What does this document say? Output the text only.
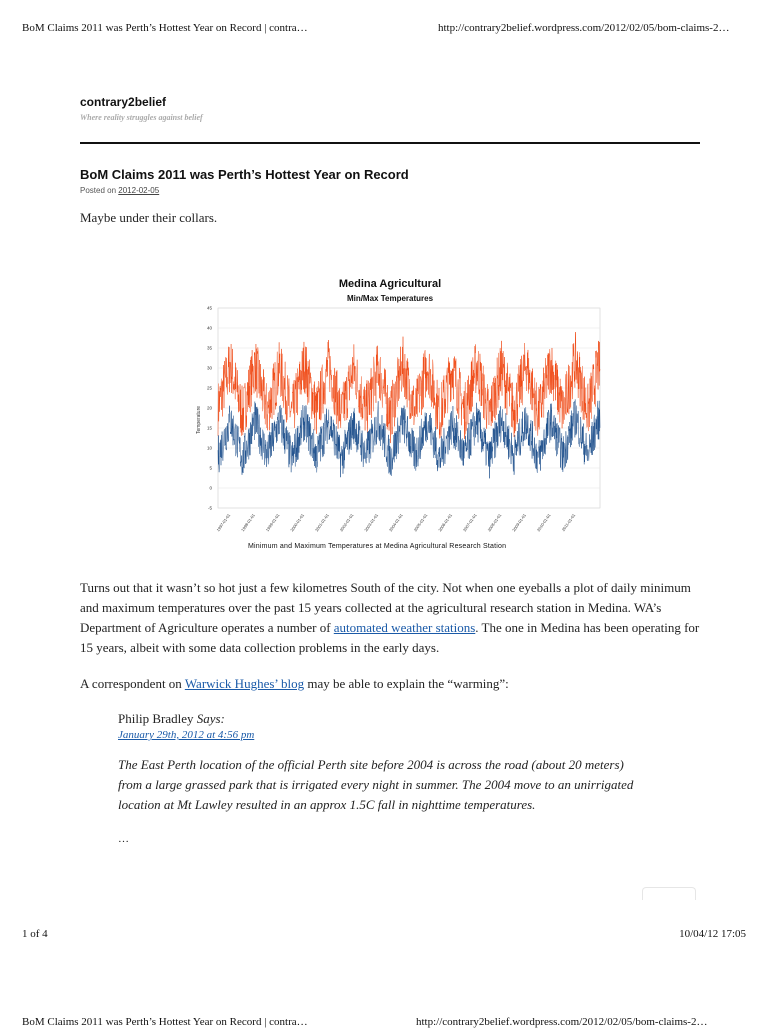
BoM Claims 2011 was Perth’s Hottest Year on Record | contra…	http://contrary2belief.wordpress.com/2012/02/05/bom-claims-2…
contrary2belief
Where reality struggles against belief
BoM Claims 2011 was Perth’s Hottest Year on Record
Posted on 2012-02-05

Maybe under their collars.

Medina Agricultural
Min/Max Temperatures
Temperature
-5
0
5
10
15
20
25
30
35
40
45
1997-01-01 1998-01-01 1999-01-01 2000-01-01 2001-01-01 2002-01-01 2003-01-01 2004-01-01 2005-01-01 2006-01-01 2007-01-01 2008-01-01 2009-01-01 2010-01-01 2011-01-01
Minimum and Maximum Temperatures at Medina Agricultural Research Station

Turns out that it wasn’t so hot just a few kilometres South of the city. Not when one eyeballs a plot of daily minimum and maximum temperatures over the past 15 years collected at the agricultural research station in Medina. WA’s Department of Agriculture operates a number of automated weather stations. The one in Medina has been operating for 15 years, albeit with some data collection problems in the early days.

A correspondent on Warwick Hughes’ blog may be able to explain the “warming”:

Philip Bradley Says:

January 29th, 2012 at 4:56 pm

The East Perth location of the official Perth site before 2004 is across the road (about 20 meters) from a large grassed park that is irrigated every night in summer. The 2004 move to an unirrigated location at Mt Lawley resulted in an approx 1.5C fall in nighttime temperatures.

…
1 of 4	10/04/12 17:05
BoM Claims 2011 was Perth’s Hottest Year on Record | contra…	http://contrary2belief.wordpress.com/2012/02/05/bom-claims-2…
